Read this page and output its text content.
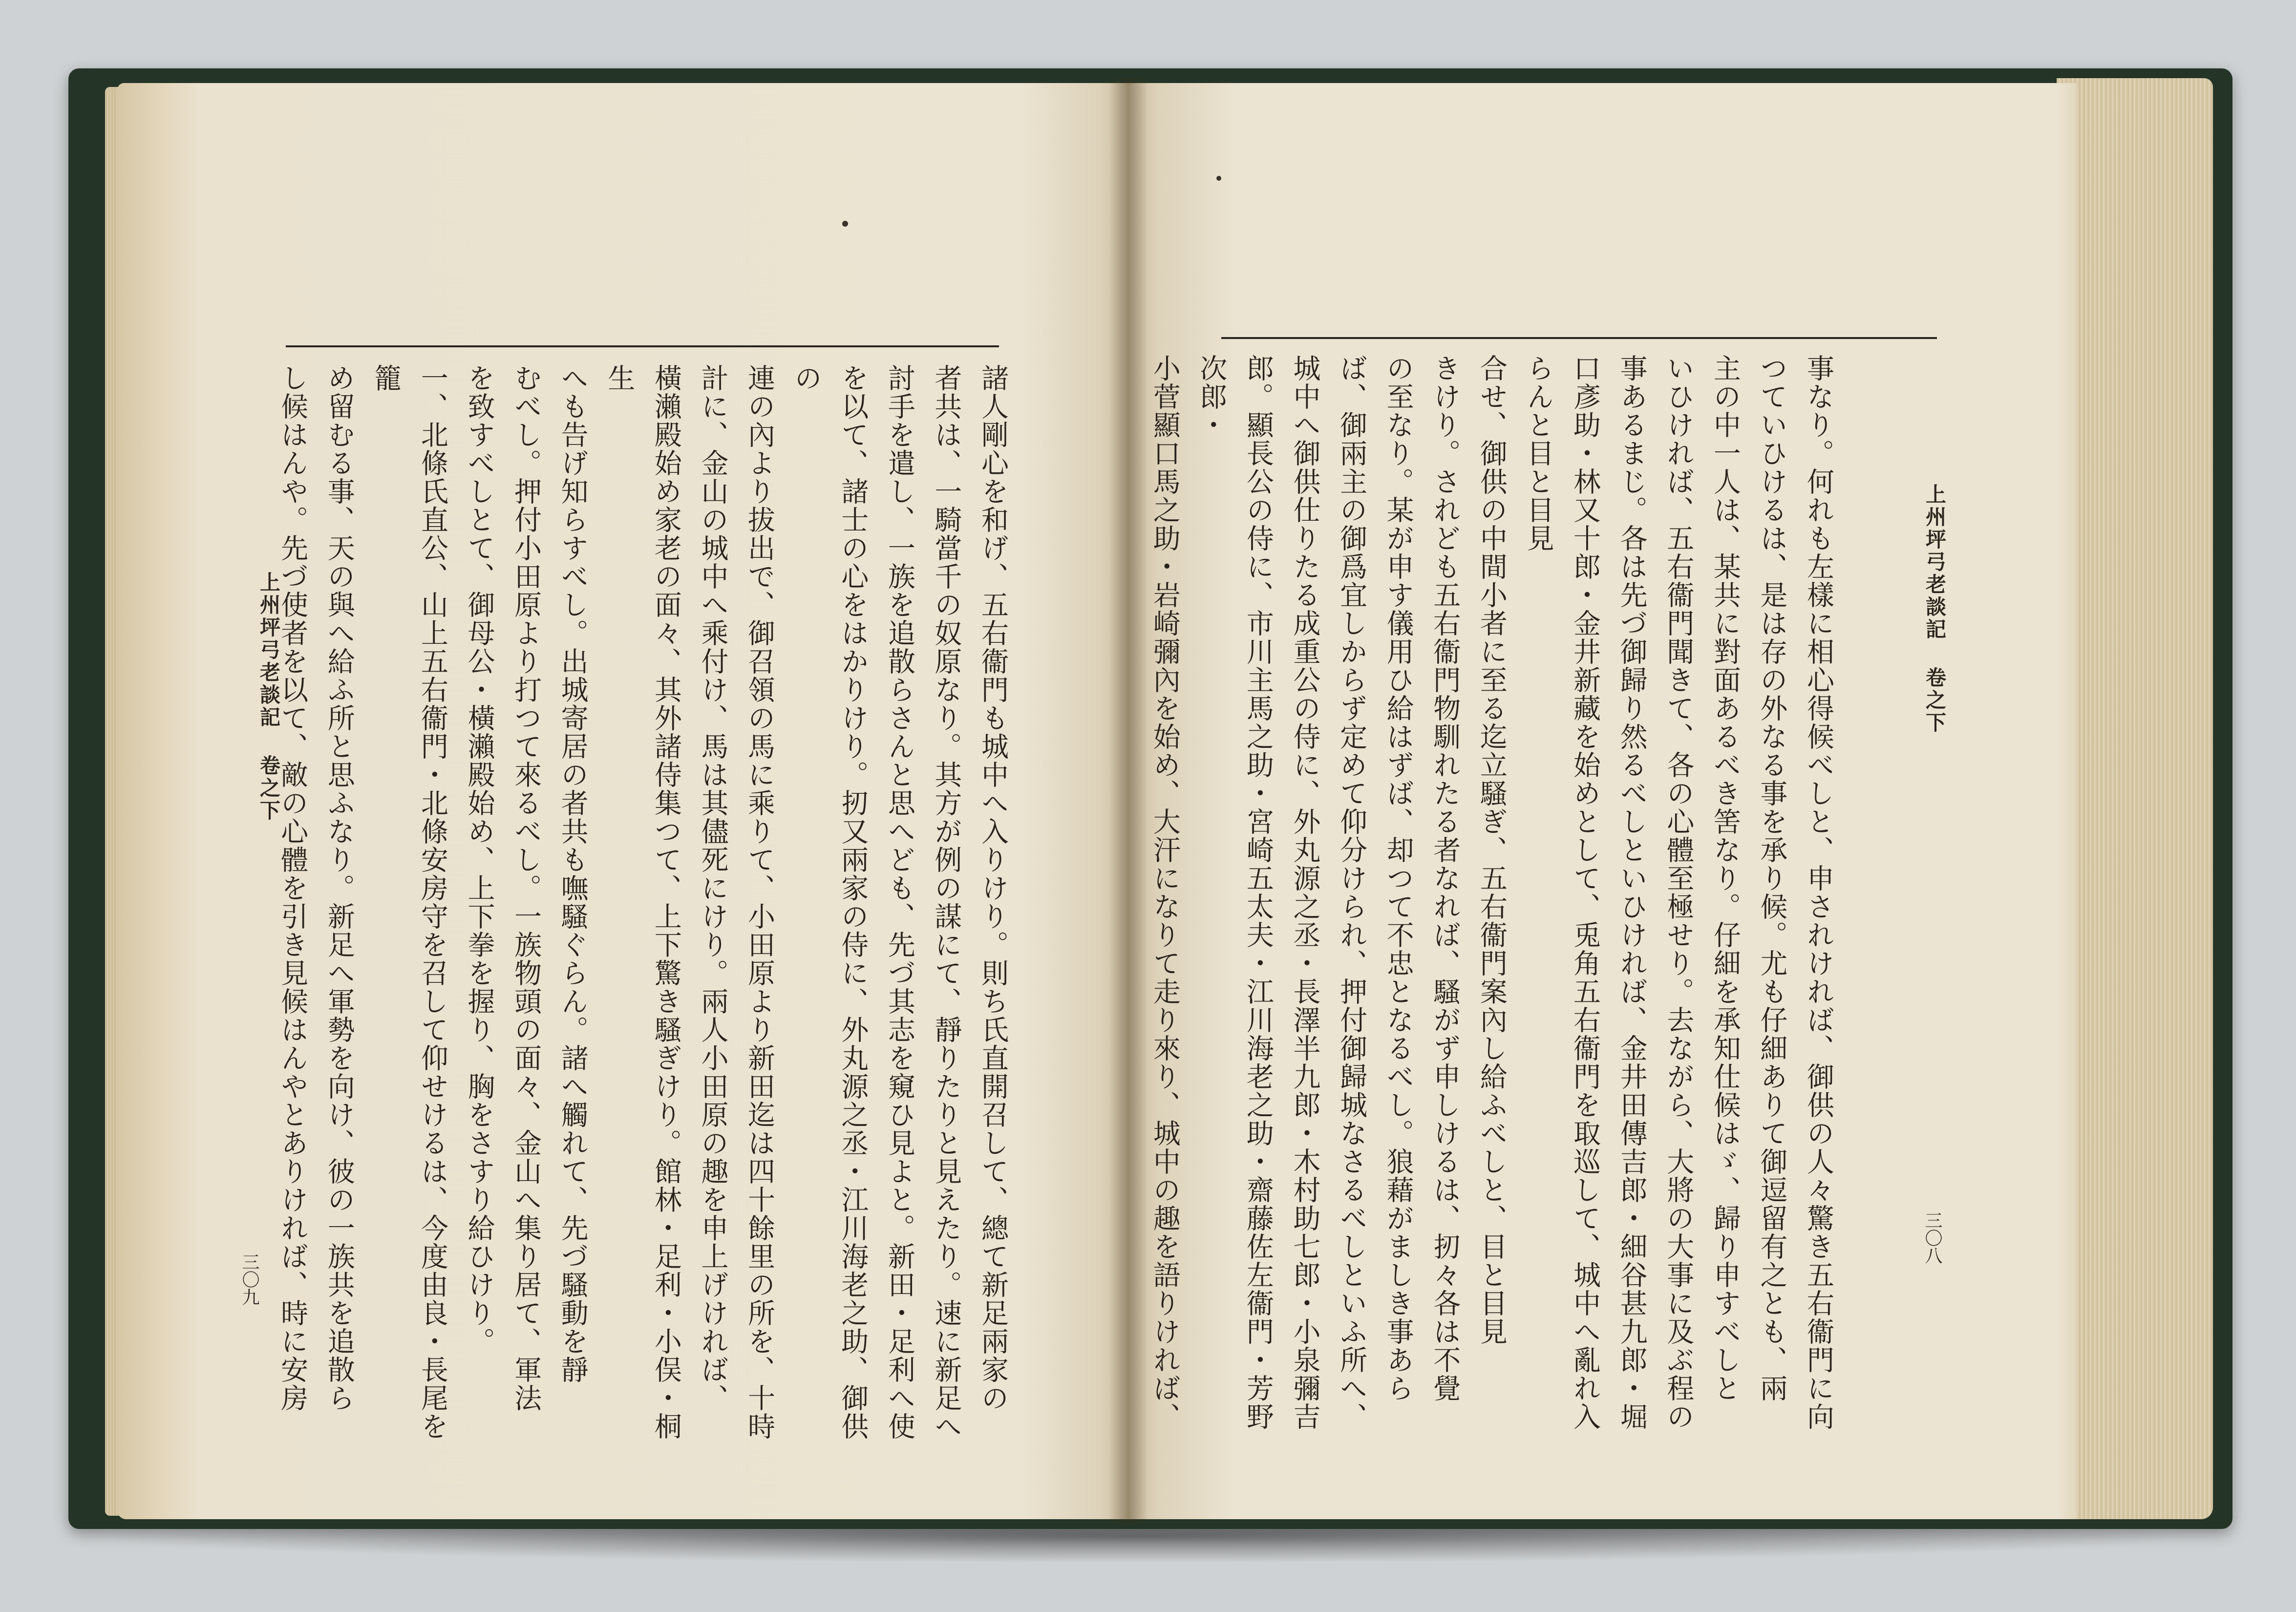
諸人剛心を和げ、五右衞門も城中へ入りけり。則ち氏直開召して、總て新足兩家の
者共は、一騎當千の奴原なり。其方が例の謀にて、靜りたりと見えたり。速に新足へ
討手を遣し、一族を追散らさんと思へども、先づ其志を窺ひ見よと。新田・足利へ使
を以て、諸士の心をはかりけり。扨又兩家の侍に、外丸源之丞・江川海老之助、御供の
連の內より拔出で、御召領の馬に乘りて、小田原より新田迄は四十餘里の所を、十時
計に、金山の城中へ乘付け、馬は其儘死にけり。兩人小田原の趣を申上げければ、
橫瀨殿始め家老の面々、其外諸侍集つて、上下驚き騷ぎけり。館林・足利・小俣・桐生
へも告げ知らすべし。出城寄居の者共も嘸騷ぐらん。諸へ觸れて、先づ騷動を靜
むべし。押付小田原より打つて來るべし。一族物頭の面々、金山へ集り居て、軍法
を致すべしとて、御母公・橫瀨殿始め、上下拳を握り、胸をさすり給ひけり。
一、北條氏直公、山上五右衞門・北條安房守を召して仰せけるは、今度由良・長尾を籠
め留むる事、天の與へ給ふ所と思ふなり。新足へ軍勢を向け、彼の一族共を追散ら
し候はんや。先づ使者を以て、敵の心體を引き見候はんやとありければ、時に安房
上州坪弓老談記 卷之下
三〇九	事なり。何れも左樣に相心得候べしと、申されければ、御供の人々驚き五右衞門に向
つていひけるは、是は存の外なる事を承り候。尤も仔細ありて御逗留有之とも、兩
主の中一人は、某共に對面あるべき筈なり。仔細を承知仕候はゞ、歸り申すべしと
いひければ、五右衞門聞きて、各の心體至極せり。去ながら、大將の大事に及ぶ程の
事あるまじ。各は先づ御歸り然るべしといひければ、金井田傳吉郎・細谷甚九郎・堀
口彥助・林又十郎・金井新藏を始めとして、兎角五右衞門を取巡して、城中へ亂れ入らんと目と目見
合せ、御供の中間小者に至る迄立騷ぎ、五右衞門案內し給ふべしと、目と目見
きけり。されども五右衞門物馴れたる者なれば、騷がず申しけるは、扨々各は不覺
の至なり。某が申す儀用ひ給はずば、却つて不忠となるべし。狼藉がましき事あら
ば、御兩主の御爲宜しからず定めて仰分けられ、押付御歸城なさるべしといふ所へ、
城中へ御供仕りたる成重公の侍に、外丸源之丞・長澤半九郎・木村助七郎・小泉彌吉
郎。顯長公の侍に、市川主馬之助・宮崎五太夫・江川海老之助・齋藤佐左衞門・芳野次郎・
小菅顯口馬之助・岩崎彌內を始め、大汗になりて走り來り、城中の趣を語りければ、	上州坪弓老談記 卷之下
三〇八
